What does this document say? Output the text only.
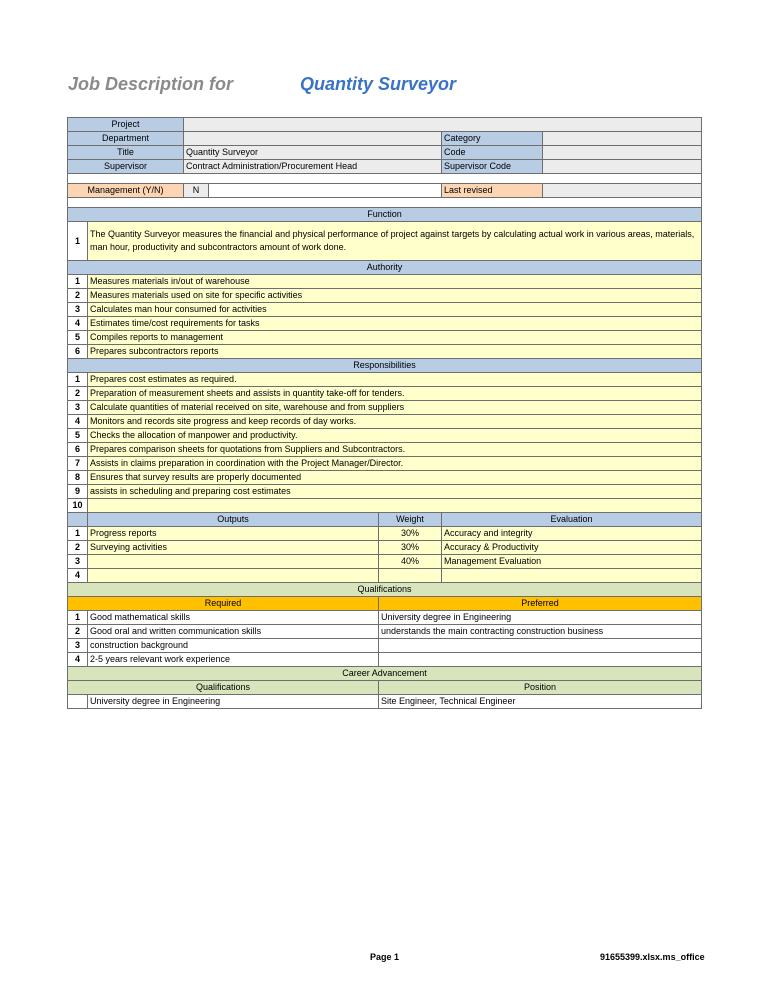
Job Description for	Quantity Surveyor
Project						
Department					Category	
Title		Quantity Surveyor			Code	
Supervisor		Contract Administration/Procurement Head			Supervisor Code	

Management (Y/N)		N			Last revised	

Function						
1	The Quantity Surveyor measures the financial and physical performance of project against targets by calculating actual work in various areas, materials, man hour, productivity and subcontractors amount of work done.					
Authority						
1	Measures materials in/out of warehouse					
2	Measures materials used on site for specific activities					
3	Calculates man hour consumed for activities					
4	Estimates time/cost requirements for tasks					
5	Compiles reports to management					
6	Prepares subcontractors reports					
Responsibilities						
1	Prepares cost estimates as required.					
2	Preparation of measurement sheets and assists in quantity take-off for tenders.					
3	Calculate quantities of material received on site, warehouse and from suppliers					
4	Monitors and records site progress and keep records of day works.					
5	Checks the allocation of manpower and productivity.					
6	Prepares comparison sheets for quotations from Suppliers and Subcontractors.					
7	Assists in claims preparation in coordination with the Project Manager/Director.					
8	Ensures that survey results are properly documented					
9	assists in scheduling and preparing cost estimates					
10						
	Outputs			Weight	Evaluation	
1	Progress reports			30%	Accuracy and integrity	
2	Surveying activities			30%	Accuracy & Productivity	
3				40%	Management Evaluation	
4						
Qualifications						
Required				Preferred		
1	Good mathematical skills			University degree in Engineering		
2	Good oral and written communication skills			understands the main contracting construction business		
3	construction background					
4	2-5 years relevant work experience					
Career Advancement						
Qualifications				Position		
	University degree in Engineering			Site Engineer, Technical Engineer		
Page 1	91655399.xlsx.ms_office
